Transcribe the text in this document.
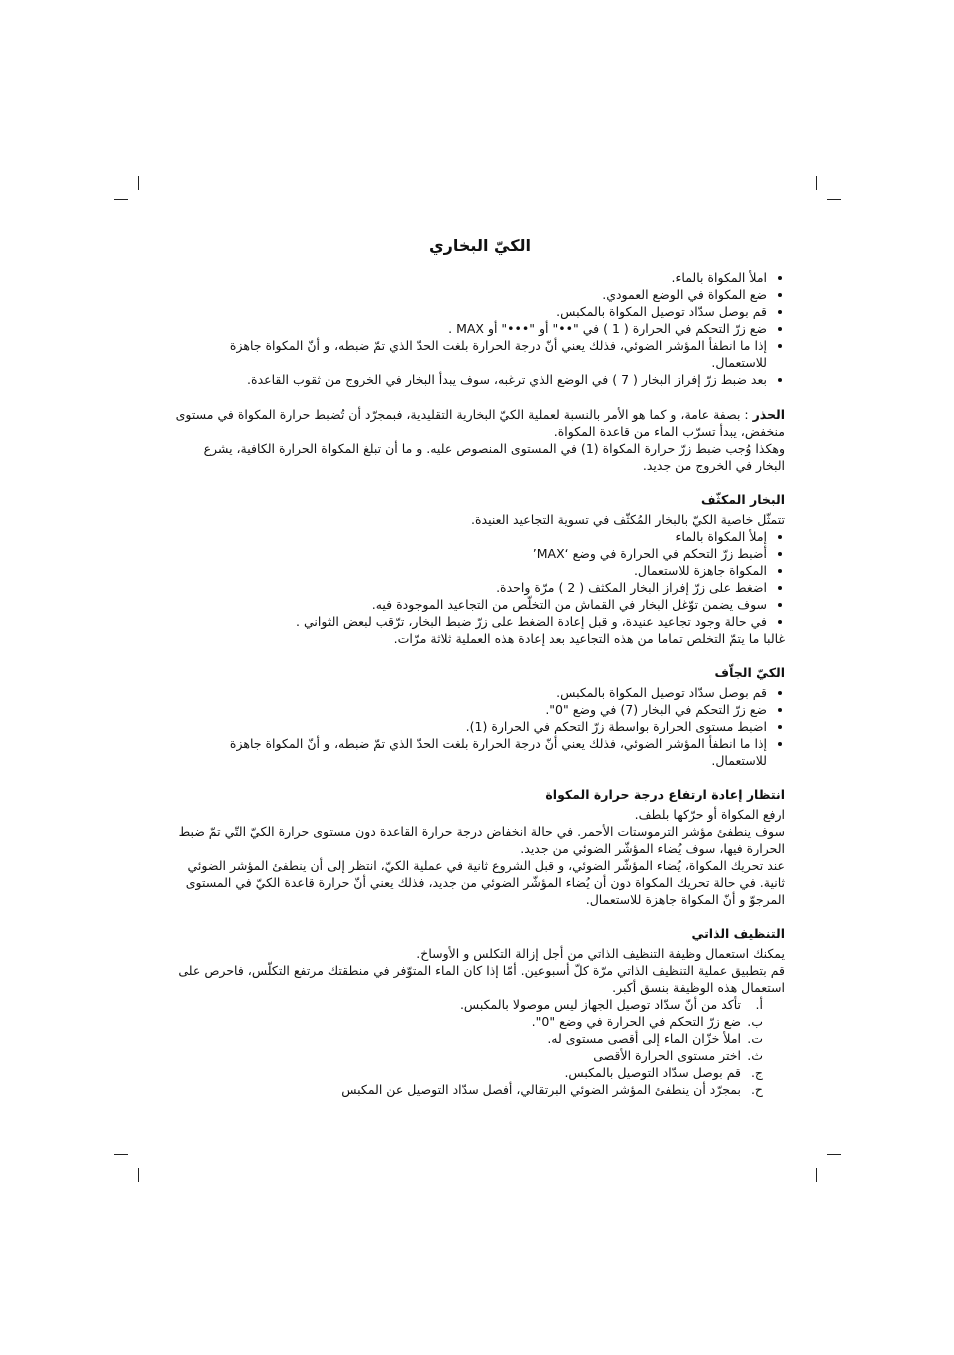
الكيّ البخاري
• املأ المكواة بالماء.
• ضع المكواة في الوضع العمودي.
• قم بوصل سدّاد توصيل المكواة بالمكبس.
• ضع زرّ التحكم في الحرارة ( 1 ) في "••" أو "•••" أو MAX .
• إذا ما انطفأ المؤشر الضوئي، فذلك يعني أنّ درجة الحرارة بلغت الحدّ الذي تمّ ضبطه، و أنّ المكواة جاهزة للاستعمال.
• بعد ضبط زرّ إفراز البخار ( 7 ) في الوضع الذي ترغبه، سوف يبدأ البخار في الخروج من ثقوب القاعدة.

الحذر : بصفة عامة، و كما هو الأمر بالنسبة لعملية الكيّ البخارية التقليدية، فبمجرّد أن تُضبط حرارة المكواة في مستوى منخفض، يبدأ تسرّب الماء من قاعدة المكواة.

وهكذا وُجب ضبط زرّ حرارة المكواة (1) في المستوى المنصوص عليه. و ما أن تبلغ المكواة الحرارة الكافية، يشرع البخار في الخروج من جديد.

البخار المكثّف

تتمثّل خاصية الكيّ بالبخار المُكثّف في تسوية التجاعيد العنيدة.

• إملأ المكواة بالماء
• أضبط زرّ التحكم في الحرارة في وضع ‘MAX’
• المكواة جاهزة للاستعمال.
• اضغط على زرّ إفراز البخار المكثف ( 2 ) مرّة واحدة.
• سوف يضمن توّغل البخار في القماش من التخلّص من التجاعيد الموجودة فيه.
• في حالة وجود تجاعيد عنيدة، و قبل إعادة الضغط على زرّ ضبط البخار، ترّقب لبعض الثواني .

غالبا ما يتمّ التخلص تماما من هذه التجاعيد بعد إعادة هذه العملية ثلاثة مرّات.

الكيّ الجاّف
• قم بوصل سدّاد توصيل المكواة بالمكبس.
• ضع زرّ التحكم في البخار (7) في وضع "0".
• اضبط مستوى الحرارة بواسطة زرّ التحكم في الحرارة (1).
• إذا ما انطفأ المؤشر الضوئي، فذلك يعني أنّ درجة الحرارة بلغت الحدّ الذي تمّ ضبطه، و أنّ المكواة جاهزة للاستعمال.
انتظار إعادة ارتفاع درجة حرارة المكواة

ارفع المكواة أو حرّكها بلطف.

سوف ينطفئ مؤشر الترموستات الأحمر. في حالة انخفاض درجة حرارة القاعدة دون مستوى حرارة الكيّ التّي تمّ ضبط الحرارة فيها، سوف يُضاء المؤشّر الضوئي من جديد.

عند تحريك المكواة، يُضاء المؤشّر الضوئي، و قبل الشروع ثانية في عملية الكيّ، انتظر إلى أن ينطفئ المؤشر الضوئي ثانية. في حالة تحريك المكواة دون أن يُضاء المؤشّر الضوئي من جديد، فذلك يعني أنّ حرارة قاعدة الكيّ في المستوى المرجوّ و أنّ المكواة جاهزة للاستعمال.

التنظيف الذاتي

يمكنك استعمال وظيفة التنظيف الذاتي من أجل إزالة التكلس و الأوساخ.

قم بتطبيق عملية التنظيف الذاتي مرّة كلّ أسبوعين. أمّا إذا كان الماء المتوّفر في منطقتك مرتفع التكلّس، فاحرص على استعمال هذه الوظيفة بنسق أكبر.

أ. تأكد من أنّ سدّاد توصيل الجهاز ليس موصولا بالمكبس.
ب. ضع زرّ التحكم في الحرارة في وضع "0".
ت. املأ خزّان الماء إلى أقصى مستوى له.
ث. اختر مستوى الحرارة الأقصى
ج. قم بوصل سدّاد التوصيل بالمكبس.
ح. بمجرّد أن ينطفئ المؤشر الضوئي البرتقالي، أفصل سدّاد التوصيل عن المكبس
